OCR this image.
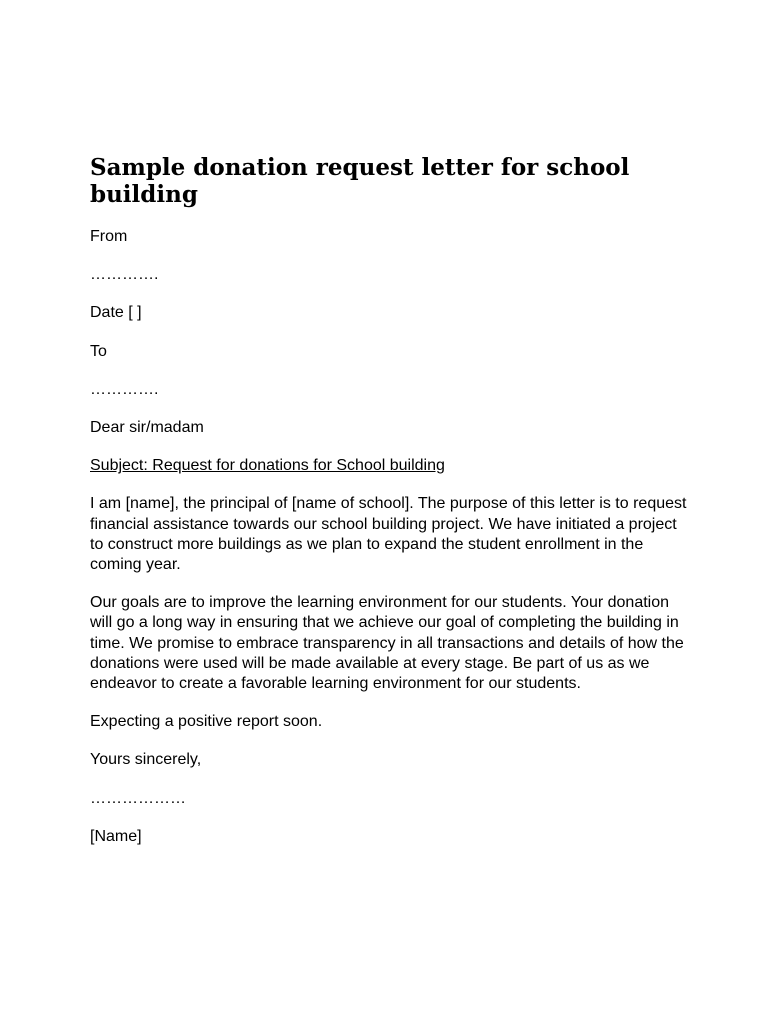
Sample donation request letter for school building

From

………….

Date [ ]

To

………….

Dear sir/madam

Subject: Request for donations for School building

I am [name], the principal of [name of school]. The purpose of this letter is to request financial assistance towards our school building project. We have initiated a project to construct more buildings as we plan to expand the student enrollment in the coming year.

Our goals are to improve the learning environment for our students. Your donation will go a long way in ensuring that we achieve our goal of completing the building in time. We promise to embrace transparency in all transactions and details of how the donations were used will be made available at every stage. Be part of us as we endeavor to create a favorable learning environment for our students.

Expecting a positive report soon.

Yours sincerely,

………………

[Name]
